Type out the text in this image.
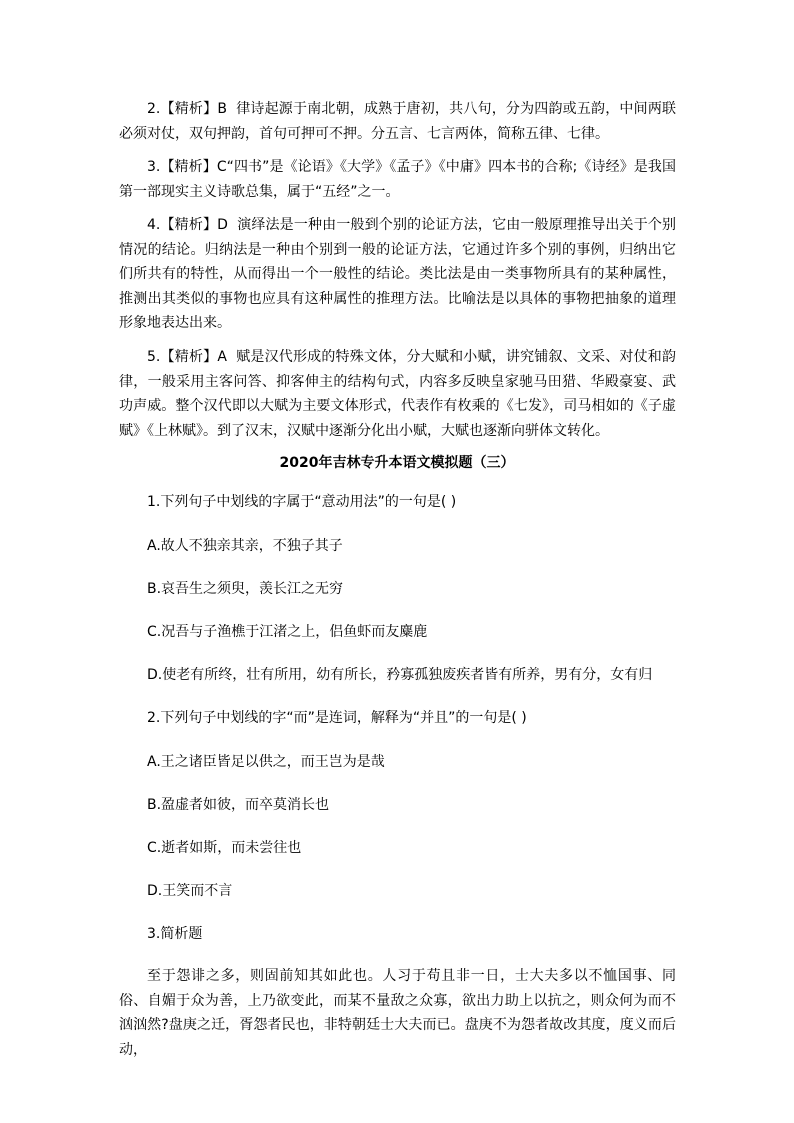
2.【精析】B 律诗起源于南北朝，成熟于唐初，共八句，分为四韵或五韵，中间两联必须对仗，双句押韵，首句可押可不押。分五言、七言两体，简称五律、七律。

3.【精析】C“四书”是《论语》《大学》《孟子》《中庸》四本书的合称;《诗经》是我国第一部现实主义诗歌总集，属于“五经”之一。

4.【精析】D 演绎法是一种由一般到个别的论证方法，它由一般原理推导出关于个别情况的结论。归纳法是一种由个别到一般的论证方法，它通过许多个别的事例，归纳出它们所共有的特性，从而得出一个一般性的结论。类比法是由一类事物所具有的某种属性，推测出其类似的事物也应具有这种属性的推理方法。比喻法是以具体的事物把抽象的道理形象地表达出来。

5.【精析】A 赋是汉代形成的特殊文体，分大赋和小赋，讲究铺叙、文采、对仗和韵律，一般采用主客问答、抑客伸主的结构句式，内容多反映皇家驰马田猎、华殿豪宴、武功声威。整个汉代即以大赋为主要文体形式，代表作有枚乘的《七发》，司马相如的《子虚赋》《上林赋》。到了汉末，汉赋中逐渐分化出小赋，大赋也逐渐向骈体文转化。

2020年吉林专升本语文模拟题（三）

1.下列句子中划线的字属于“意动用法”的一句是( )

A.故人不独亲其亲，不独子其子

B.哀吾生之须臾，羡长江之无穷

C.况吾与子渔樵于江渚之上，侣鱼虾而友麋鹿

D.使老有所终，壮有所用，幼有所长，矜寡孤独废疾者皆有所养，男有分，女有归

2.下列句子中划线的字“而”是连词，解释为“并且”的一句是( )

A.王之诸臣皆足以供之，而王岂为是哉

B.盈虚者如彼，而卒莫消长也

C.逝者如斯，而未尝往也

D.王笑而不言

3.简析题

至于怨诽之多，则固前知其如此也。人习于苟且非一日，士大夫多以不恤国事、同俗、自媚于众为善，上乃欲变此，而某不量敌之众寡，欲出力助上以抗之，则众何为而不汹汹然?盘庚之迁，胥怨者民也，非特朝廷士大夫而已。盘庚不为怨者故改其度，度义而后动，
